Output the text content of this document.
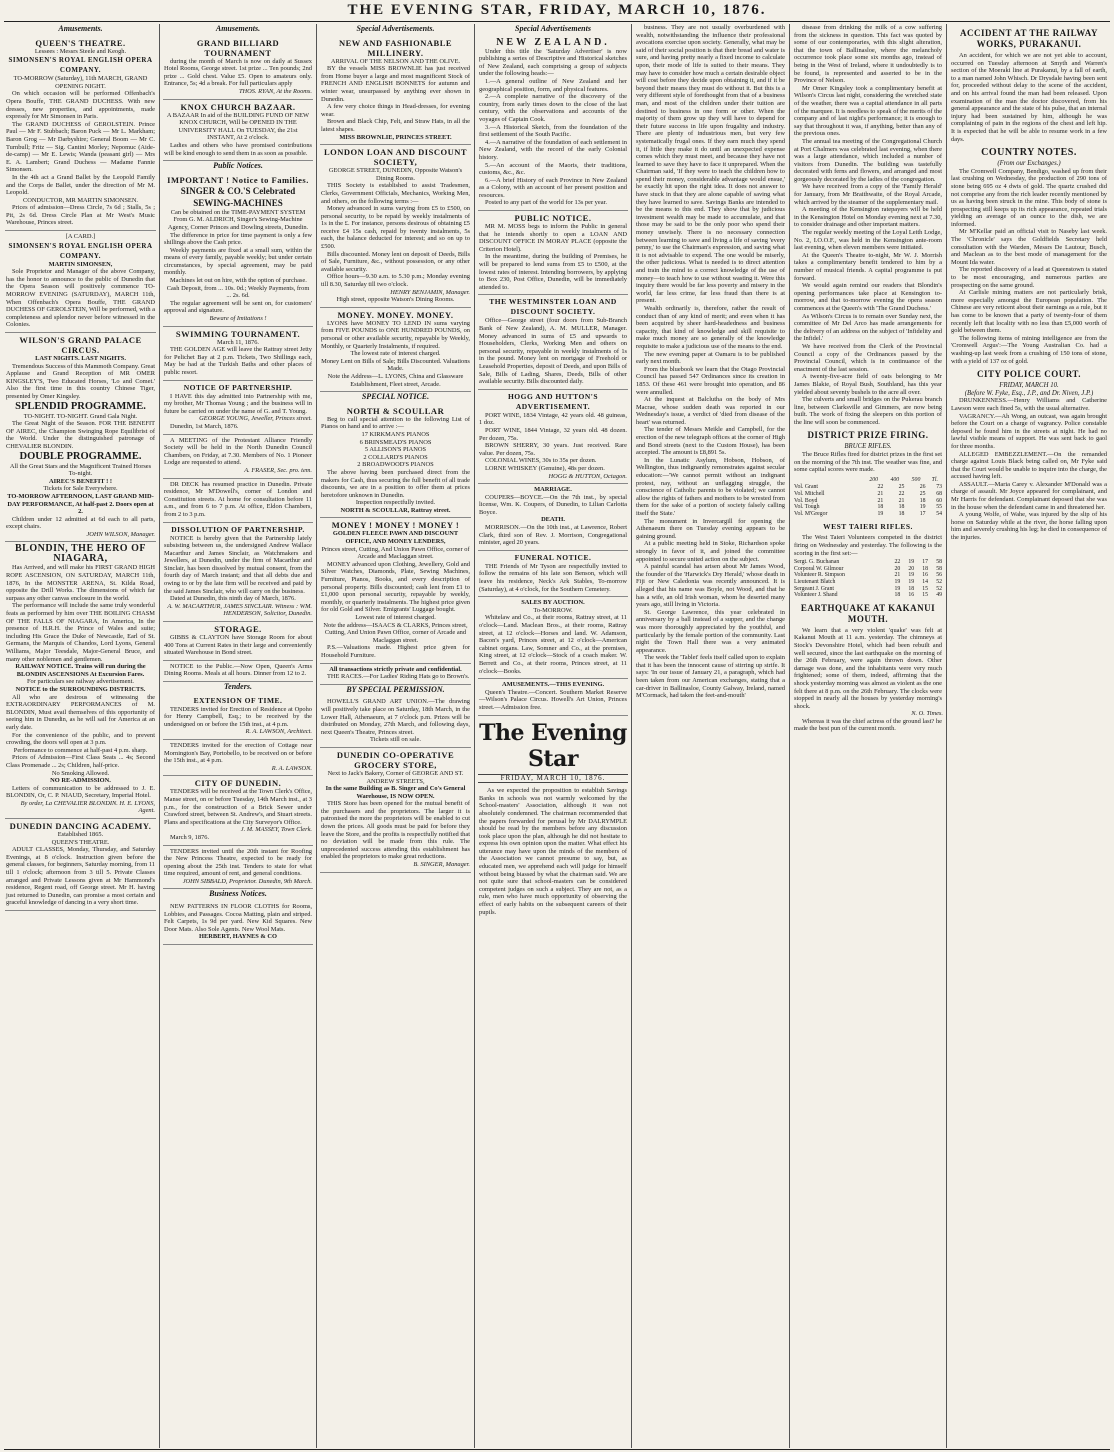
THE EVENING STAR, FRIDAY, MARCH 10, 1876.
Amusements.
QUEEN'S THEATRE.
Lessees : Messrs Steele and Keogh.
SIMONSEN'S ROYAL ENGLISH OPERA COMPANY.
TO-MORROW (Saturday), 11th MARCH, GRAND OPENING NIGHT.
On which occasion will be performed Offenbach's Opera Bouffe, THE GRAND DUCHESS. With new dresses, new properties, and appointments, made expressly for Mr Simonsen in Paris.
The GRAND DUCHESS of GEROLSTEIN. Prince Paul — Mr F. Stubbach; Baron Puck — Mr L. Markham; Baron Grog — Mr Darbyshire; General Boom — Mr C. Turnbull; Fritz — Sig. Cantini Morley; Nepomuc (Aide-de-camp) — Mr E. Lewis; Wanda (peasant girl) — Mrs E. A. Lambert; Grand Duchess — Madame Fannie Simonsen.
In the 4th act a Grand Ballet by the Leopold Family and the Corps de Ballet, under the direction of Mr M. Leopold.
CONDUCTOR, MR MARTIN SIMONSEN.
Prices of admission—Dress Circle, 7s 6d ; Stalls, 5s ; Pit, 2s 6d. Dress Circle Plan at Mr West's Music Warehouse, Princes street.
[A CARD.]
SIMONSEN'S ROYAL ENGLISH OPERA COMPANY.
MARTIN SIMONSEN,
Sole Proprietor and Manager of the above Company, has the honor to announce to the public of Dunedin that the Opera Season will positively commence TO-MORROW EVENING (SATURDAY), MARCH 11th, When Offenbach's Opera Bouffe, THE GRAND DUCHESS OF GEROLSTEIN, Will be performed, with a completeness and splendor never before witnessed in the Colonies.
WILSON'S GRAND PALACE CIRCUS.
LAST NIGHTS. LAST NIGHTS.
Tremendous Success of this Mammoth Company. Great Applause and Grand Reception of MR OMER KINGSLEY'S, Two Educated Horses, 'Lo and Comet.' Also the first time in this country Chinese Tiger, presented by Omer Kingsley.
SPLENDID PROGRAMME.
TO-NIGHT. TO-NIGHT. Grand Gala Night.
The Great Night of the Season. FOR THE BENEFIT OF AIREC, the Champion Swinging Rope Equilibrist of the World. Under the distinguished patronage of CHEVALIER BLONDIN.
DOUBLE PROGRAMME.
All the Great Stars and the Magnificent Trained Horses To-night.
AIREC'S BENEFIT ! !
Tickets for Sale Everywhere.
TO-MORROW AFTERNOON, LAST GRAND MID-DAY PERFORMANCE, At half-past 2. Doors open at 2.
Children under 12 admitted at 6d each to all parts, except chairs.
JOHN WILSON, Manager.
BLONDIN, THE HERO OF NIAGARA,
Has Arrived, and will make his FIRST GRAND HIGH ROPE ASCENSION, ON SATURDAY, MARCH 11th, 1876, In the MONSTER ARENA, St. Kilda Road, opposite the Drill Works. The dimensions of which far surpass any other canvas enclosure in the world.
The performance will include the same truly wonderful feats as performed by him over THE BOILING CHASM OF THE FALLS OF NIAGARA, In America, In the presence of H.R.H. the Prince of Wales and suite; including His Grace the Duke of Newcastle, Earl of St. Germans, the Marquis of Chandos, Lord Lyons, General Williams, Major Teesdale, Major-General Bruce, and many other noblemen and gentlemen.
RAILWAY NOTICE. Trains will run during the BLONDIN ASCENSIONS At Excursion Fares.
For particulars see railway advertisement.
NOTICE to the SURROUNDING DISTRICTS.
All who are desirous of witnessing the EXTRAORDINARY PERFORMANCES of M. BLONDIN, Must avail themselves of this opportunity of seeing him in Dunedin, as he will sail for America at an early date.
For the convenience of the public, and to prevent crowding, the doors will open at 3 p.m.
Performance to commence at half-past 4 p.m. sharp.
Prices of Admission—First Class Seats ... 4s; Second Class Promenade ... 2s; Children, half-price.
No Smoking Allowed.
NO RE-ADMISSION.
Letters of communication to be addressed to J. E. BLONDIN, Or, C. P. NIAUD, Secretary, Imperial Hotel.
By order, La CHEVALIER BLONDIN. H. E. LYONS, Agent.
DUNEDIN DANCING ACADEMY.
Established 1865.
QUEEN'S THEATRE.
ADULT CLASSES, Monday, Thursday, and Saturday Evenings, at 8 o'clock. Instruction given before the general classes, for beginners, Saturday morning, from 11 till 1 o'clock; afternoon from 3 till 5. Private Classes arranged and Private Lessons given at Mr Hammond's residence, Regent road, off George street. Mr H. having just returned to Dunedin, can promise a most certain and graceful knowledge of dancing in a very short time.
Amusements.
GRAND BILLIARD TOURNAMENT
during the month of March is now on daily at Sussex Hotel Rooms, George street. 1st prize ... Ten pounds; 2nd prize ... Gold chest. Value £5. Open to amateurs only. Entrance, 5s; 4d a break. For full particulars apply
THOS. RYAN, At the Rooms.
KNOX CHURCH BAZAAR.
A BAZAAR In aid of the BUILDING FUND OF NEW KNOX CHURCH, Will be OPENED IN THE UNIVERSITY HALL On TUESDAY, the 21st INSTANT, At 2 o'clock.
Ladies and others who have promised contributions will be kind enough to send them in as soon as possible.
Public Notices.
IMPORTANT ! Notice to Families.
SINGER & CO.'S Celebrated SEWING-MACHINES
Can be obtained on the TIME-PAYMENT SYSTEM From G. M. ALDRICH, Singer's Sewing-Machine Agency, Corner Princes and Dowling streets, Dunedin.
The difference in price for time payment is only a few shillings above the Cash price.
Weekly payments are fixed at a small sum, within the means of every family, payable weekly; but under certain circumstances, by special agreement, may be paid monthly.
Machines let out on hire, with the option of purchase.
Cash Deposit, from ... 10s. 0d.; Weekly Payments, from ... 2s. 6d.
The regular agreement will be sent on, for customers' approval and signature.
Beware of Imitations !
SWIMMING TOURNAMENT.
March 11, 1876.
THE GOLDEN AGE will leave the Rattray street Jetty for Pelichet Bay at 2 p.m. Tickets, Two Shillings each, May be had at the Turkish Baths and other places of public resort.
NOTICE OF PARTNERSHIP.
I HAVE this day admitted into Partnership with me, my brother, Mr Thomas Young ; and the business will in future be carried on under the name of G. and T. Young.
GEORGE YOUNG, Jeweller, Princes street.
Dunedin, 1st March, 1876.
A MEETING of the Protestant Alliance Friendly Society will be held in the North Dunedin Council Chambers, on Friday, at 7.30. Members of No. 1 Pioneer Lodge are requested to attend.
A. FRASER, Sec. pro. tem.
DR DECK has resumed practice in Dunedin. Private residence, Mr M'Dowell's, corner of London and Constitution streets. At home for consultation before 11 a.m., and from 6 to 7 p.m. At office, Eldon Chambers, from 2 to 3 p.m.
DISSOLUTION OF PARTNERSHIP.
NOTICE is hereby given that the Partnership lately subsisting between us, the undersigned Andrew Wallace Macarthur and James Sinclair, as Watchmakers and Jewellers, at Dunedin, under the firm of Macarthur and Sinclair, has been dissolved by mutual consent, from the fourth day of March instant; and that all debts due and owing to or by the late firm will be received and paid by the said James Sinclair, who will carry on the business.
Dated at Dunedin, this ninth day of March, 1876.
A. W. MACARTHUR, JAMES SINCLAIR. Witness : WM. HENDERSON, Solicitor, Dunedin.
STORAGE.
GIBBS & CLAYTON have Storage Room for about 400 Tons at Current Rates in their large and conveniently situated Warehouse in Bond street.
NOTICE to the Public.—Now Open, Queen's Arms Dining Rooms. Meals at all hours. Dinner from 12 to 2.
Tenders.
EXTENSION OF TIME.
TENDERS invited for Erection of Residence at Opoho for Henry Campbell, Esq.; to be received by the undersigned on or before the 15th inst., at 4 p.m.
R. A. LAWSON, Architect.
TENDERS invited for the erection of Cottage near Mornington's Bay, Portobello, to be received on or before the 15th inst., at 4 p.m.
R. A. LAWSON.
CITY OF DUNEDIN.
TENDERS will be received at the Town Clerk's Office, Manse street, on or before Tuesday, 14th March inst., at 3 p.m., for the construction of a Brick Sewer under Crawford street, between St. Andrew's, and Stuart streets. Plans and specifications at the City Surveyor's Office.
J. M. MASSEY, Town Clerk.
March 9, 1876.
TENDERS invited until the 20th instant for Roofing the New Princess Theatre, expected to be ready for opening about the 25th inst. Tenders to state for what time required, amount of rent, and general conditions.
JOHN SIBBALD, Proprietor. Dunedin, 9th March.
Business Notices.
NEW PATTERNS IN FLOOR CLOTHS for Rooms, Lobbies, and Passages. Cocoa Matting, plain and striped. Felt Carpets, 1s 9d per yard. New Kid Squares. New Door Mats. Also Sole Agents. New Wool Mats.
HERBERT, HAYNES & CO
Special Advertisements.
NEW AND FASHIONABLE MILLINERY.
ARRIVAL OF THE NELSON AND THE OLIVE.
BY the vessels MISS BROWNLIE has just received from Home buyer a large and most magnificent Stock of FRENCH AND ENGLISH BONNETS for autumn and winter wear, unsurpassed by anything ever shown in Dunedin.
A few very choice things in Head-dresses, for evening wear.
Brown and Black Chip, Felt, and Straw Hats, in all the latest shapes.
MISS BROWNLIE, PRINCES STREET.
LONDON LOAN AND DISCOUNT SOCIETY,
GEORGE STREET, DUNEDIN, Opposite Watson's Dining Rooms.
THIS Society is established to assist Tradesmen, Clerks, Government Officials, Mechanics, Working Men, and others, on the following terms :—
Money advanced in sums varying from £5 to £500, on personal security, to be repaid by weekly instalments of 1s in the £. For instance, persons desirous of obtaining £5 receive £4 15s cash, repaid by twenty instalments, 5s each, the balance deducted for interest; and so on up to £500.
Bills discounted. Money lent on deposit of Deeds, Bills of Sale, Furniture, &c., without possession, or any other available security.
Office hours—9.30 a.m. to 5.30 p.m.; Monday evening till 8.30, Saturday till two o'clock.
HENRY BENJAMIN, Manager.
High street, opposite Watson's Dining Rooms.
MONEY. MONEY. MONEY.
LYONS have MONEY TO LEND IN sums varying from FIVE POUNDS to ONE HUNDRED POUNDS, on personal or other available security, repayable by Weekly, Monthly, or Quarterly Instalments, if required.
The lowest rate of interest charged.
Money Lent on Bills of Sale; Bills Discounted. Valuations Made.
Note the Address—L. LYONS, China and Glassware Establishment, Fleet street, Arcade.
SPECIAL NOTICE.
NORTH & SCOULLAR
Beg to call special attention to the following List of Pianos on hand and to arrive :—
17 KIRKMAN'S PIANOS
6 BRINSMEAD'S PIANOS
5 ALLISON'S PIANOS
2 COLLARD'S PIANOS
2 BROADWOOD'S PIANOS
The above having been purchased direct from the makers for Cash, thus securing the full benefit of all trade discounts, we are in a position to offer them at prices heretofore unknown in Dunedin.
Inspection respectfully invited.
NORTH & SCOULLAR, Rattray street.
MONEY ! MONEY ! MONEY !
GOLDEN FLEECE PAWN AND DISCOUNT OFFICE, AND MONEY LENDERS,
Princes street, Cutting, And Union Pawn Office, corner of Arcade and Maclaggan street.
MONEY advanced upon Clothing, Jewellery, Gold and Silver Watches, Diamonds, Plate, Sewing Machines, Furniture, Pianos, Books, and every description of personal property. Bills discounted; cash lent from £1 to £1,000 upon personal security, repayable by weekly, monthly, or quarterly instalments. The highest price given for old Gold and Silver. Emigrants' Luggage bought.
Lowest rate of interest charged.
Note the address—ISAACS & CLARKS, Princes street, Cutting, And Union Pawn Office, corner of Arcade and Maclaggan street.
P.S.—Valuations made. Highest price given for Household Furniture.
All transactions strictly private and confidential.
THE RACES.—For Ladies' Riding Hats go to Brown's.
BY SPECIAL PERMISSION.
HOWELL'S GRAND ART UNION.—The drawing will positively take place on Saturday, 18th March, in the Lower Hall, Athenaeum, at 7 o'clock p.m. Prizes will be distributed on Monday, 27th March, and following days, next Queen's Theatre, Princes street.
Tickets still on sale.
DUNEDIN CO-OPERATIVE GROCERY STORE,
Next to Jack's Bakery, Corner of GEORGE AND ST. ANDREW STREETS,
In the same Building as B. Singer and Co's General Warehouse, IS NOW OPEN.
THIS Store has been opened for the mutual benefit of the purchasers and the proprietors. The larger it is patronised the more the proprietors will be enabled to cut down the prices. All goods must be paid for before they leave the Store, and the profits is respectfully notified that no deviation will be made from this rule. The unprecedented success attending this establishment has enabled the proprietors to make great reductions.
B. SINGER, Manager.
Special Advertisements
NEW ZEALAND.
Under this title the 'Saturday Advertiser' is now publishing a series of Descriptive and Historical sketches of New Zealand, each comprising a group of subjects under the following heads:—
1.—A general outline of New Zealand and her geographical position, form, and physical features.
2.—A complete narrative of the discovery of the country, from early times down to the close of the last century, with the observations and accounts of the voyages of Captain Cook.
3.—A Historical Sketch, from the foundation of the first settlement of the South Pacific.
4.—A narrative of the foundation of each settlement in New Zealand, with the record of the early Colonial history.
5.—An account of the Maoris, their traditions, customs, &c., &c.
6.—A brief History of each Province in New Zealand as a Colony, with an account of her present position and resources.
Posted to any part of the world for 13s per year.
PUBLIC NOTICE.
MR M. MOSS begs to inform the Public in general that he intends shortly to open a LOAN AND DISCOUNT OFFICE IN MORAY PLACE (opposite the Criterion Hotel).
In the meantime, during the building of Premises, he will be prepared to lend sums from £5 to £500, at the lowest rates of interest. Intending borrowers, by applying to Box 230, Post Office, Dunedin, will be immediately attended to.
THE WESTMINSTER LOAN AND DISCOUNT SOCIETY.
Office—George street (four doors from Sub-Branch Bank of New Zealand), A. M. MULLER, Manager. Money advanced in sums of £5 and upwards to Householders, Clerks, Working Men and others on personal security, repayable in weekly instalments of 1s in the pound. Money lent on mortgage of Freehold or Leasehold Properties, deposit of Deeds, and upon Bills of Sale, Bills of Lading, Shares, Deeds, Bills of other available security. Bills discounted daily.
HOGG AND HUTTON'S ADVERTISEMENT.
PORT WINE, 1834 Vintage, 42 years old. 48 guineas, 1 doz.
PORT WINE, 1844 Vintage, 32 years old. 48 dozen. Per dozen, 75s.
BROWN SHERRY, 30 years. Just received. Rare value. Per dozen, 75s.
COLONIAL WINES, 30s to 35s per dozen.
LORNE WHISKEY (Genuine), 48s per dozen.
HOGG & HUTTON, Octagon.
MARRIAGE.
COUPERS—BOYCE.—On the 7th inst., by special license, Wm. K. Coupers, of Dunedin, to Lilian Carlotta Boyce.
DEATH.
MORRISON.—On the 10th inst., at Lawrence, Robert Clark, third son of Rev. J. Morrison, Congregational minister, aged 20 years.
FUNERAL NOTICE.
THE Friends of Mr Tyson are respectfully invited to follow the remains of his late son Benson, which will leave his residence, Neck's Ark Stables, To-morrow (Saturday), at 4 o'clock, for the Southern Cemetery.
SALES BY AUCTION.
To-MORROW.
Whitelaw and Co., at their rooms, Rattray street, at 11 o'clock—Land. Maclean Bros., at their rooms, Rattray street, at 12 o'clock—Horses and land. W. Adamson, Bacon's yard, Princes street, at 12 o'clock—American cabinet organs. Law, Somner and Co., at the premises, King street, at 12 o'clock—Stock of a coach maker. W. Berrett and Co., at their rooms, Princes street, at 11 o'clock—Books.
AMUSEMENTS.—THIS EVENING.
Queen's Theatre.—Concert. Southern Market Reserve—Wilson's Palace Circus. Howell's Art Union, Princes street.—Admission free.
The Evening Star
FRIDAY, MARCH 10, 1876.
As we expected the proposition to establish Savings Banks in schools was not warmly welcomed by the School-masters' Association, although it was not absolutely condemned. The chairman recommended that the papers forwarded for perusal by Mr DALRYMPLE should be read by the members before any discussion took place upon the plan, although he did not hesitate to express his own opinion upon the matter. What effect his utterance may have upon the minds of the members of the Association we cannot presume to say, but, as educated men, we apprehend each will judge for himself without being biassed by what the chairman said. We are not quite sure that school-masters can be considered competent judges on such a subject. They are not, as a rule, men who have much opportunity of observing the effect of early habits on the subsequent careers of their pupils.
business. They are not usually overburdened with wealth, notwithstanding the influence their professional avocations exercise upon society. Generally, what may be said of their social position is that their bread and water is sure, and having pretty nearly a fixed income to calculate upon, their mode of life is suited to their means. They may have to consider how much a certain desirable object will cost before they decide upon obtaining it, and if it be beyond their means they must do without it. But this is a very different style of forethought from that of a business man, and most of the children under their tuition are destined to business in one form or other. When the majority of them grow up they will have to depend for their future success in life upon frugality and industry. There are plenty of industrious men, but very few systematically frugal ones. If they earn much they spend it, if little they make it do until an unexpected expense comes which they must meet, and because they have not learned to save they have to face it unprepared. When the Chairman said, 'If they were to teach the children how to spend their money, considerable advantage would ensue,' he exactly hit upon the right idea. It does not answer to have stuck in that they are alone capable of saving what they have learned to save. Savings Banks are intended to be the means to this end. They show that by judicious investment wealth may be made to accumulate, and that those may be said to be the only poor who spend their money unwisely. There is no necessary connection between learning to save and living a life of saving 'every penny,' to use the Chairman's expression, and saving what it is not advisable to expend. The one would be miserly, the other judicious. What is needed is to direct attention and train the mind to a correct knowledge of the use of money—to teach how to use without wasting it. Were this inquiry there would be far less poverty and misery in the world, far less crime, far less fraud than there is at present.
Wealth ordinarily is, therefore, rather the result of conduct than of any kind of merit; and even when it has been acquired by sheer hard-headedness and business capacity, that kind of knowledge and skill requisite to make much money are so generally of the knowledge requisite to make a judicious use of the means to the end.
The new evening paper at Oamaru is to be published early next month.
From the bluebook we learn that the Otago Provincial Council has passed 547 Ordinances since its creation in 1853. Of these 461 were brought into operation, and 86 were annulled.
At the inquest at Balclutha on the body of Mrs Macrae, whose sudden death was reported in our Wednesday's issue, a verdict of 'died from disease of the heart' was returned.
The tender of Messrs Meikle and Campbell, for the erection of the new telegraph offices at the corner of High and Bond streets (next to the Custom House), has been accepted. The amount is £8,891 5s.
In the Lunatic Asylum, Hobson, Hobson, of Wellington, thus indignantly remonstrates against secular education:—'We cannot permit without an indignant protest, nay, without an unflagging struggle, the conscience of Catholic parents to be violated; we cannot allow the rights of fathers and mothers to be wrested from them for the sake of a portion of society falsely calling itself the State.'
The monument in Invercargill for opening the Athenaeum there on Tuesday evening appears to be gaining ground.
At a public meeting held in Stoke, Richardson spoke strongly in favor of it, and joined the committee appointed to secure united action on the subject.
A painful scandal has arisen about Mr James Wood, the founder of the 'Harwick's Dry Herald,' whose death in Fiji or New Caledonia was recently announced. It is alleged that his name was Boyle, not Wood, and that he has a wife, an old Irish woman, whom he deserted many years ago, still living in Victoria.
St. George Lawrence, this year celebrated in anniversary by a ball instead of a supper, and the change was more thoroughly appreciated by the youthful, and particularly by the female portion of the community. Last night the Town Hall there was a very animated appearance.
The week the 'Tablet' feels itself called upon to explain that it has been the innocent cause of stirring up strife. It says: 'In our issue of January 21, a paragraph, which had been taken from our American exchanges, stating that a car-driver in Ballinasloe, County Galway, Ireland, named M'Cormack, had taken the feet-and-mouth'
disease from drinking the milk of a cow suffering from the sickness in question. This fact was quoted by some of our contemporaries, with this slight alteration, that the town of Ballinasloe, where the melancholy occurrence took place some six months ago, instead of being in the West of Ireland, where it undoubtedly is to be found, is represented and asserted to be in the Province of Nelson.
Mr Omer Kingsley took a complimentary benefit at Wilson's Circus last night, considering the wretched state of the weather, there was a capital attendance in all parts of the marquee. It is needless to speak of the merits of the company and of last night's performance; it is enough to say that throughout it was, if anything, better than any of the previous ones.
The annual tea meeting of the Congregational Church at Port Chalmers was celebrated last evening, when there was a large attendance, which included a number of visitors from Dunedin. The building was tastefully decorated with ferns and flowers, and arranged and most gorgeously decorated by the ladies of the congregation.
We have received from a copy of the 'Family Herald' for January, from Mr Braithwaite, of the Royal Arcade, which arrived by the steamer of the supplementary mail.
A meeting of the Kensington ratepayers will be held in the Kensington Hotel on Monday evening next at 7.30, to consider drainage and other important matters.
The regular weekly meeting of the Loyal Leith Lodge, No. 2, I.O.O.F., was held in the Kensington ante-room last evening, when eleven members were initiated.
At the Queen's Theatre to-night, Mr W. J. Morrish takes a complimentary benefit tendered to him by a number of musical friends. A capital programme is put forward.
We would again remind our readers that Blondin's opening performances take place at Kensington to-morrow, and that to-morrow evening the opera season commences at the Queen's with 'The Grand Duchess.'
As Wilson's Circus is to remain over Sunday next, the committee of Mr Del Arco has made arrangements for the delivery of an address on the subject of 'Infidelity and the Infidel.'
We have received from the Clerk of the Provincial Council a copy of the Ordinances passed by the Provincial Council, which is in continuance of the enactment of the last session.
A twenty-five-acre field of oats belonging to Mr James Blakie, of Royal Bush, Southland, has this year yielded about seventy bushels to the acre all over.
The culverts and small bridges on the Pukerau branch line, between Clarksville and Gimmers, are now being built. The work of fixing the sleepers on this portion of the line will soon be commenced.
DISTRICT PRIZE FIRING.
BRUCE RIFLES.
The Bruce Rifles fired for district prizes in the first set on the morning of the 7th inst. The weather was fine, and some capital scores were made.
	200	400	500	Tl.
Vol. Grant	22	25	26	73
Vol. Mitchell	21	22	25	68
Vol. Boyd	21	21	18	60
Vol. Tough	18	18	19	55
Vol. M'Gregor	19	18	17	54
WEST TAIERI RIFLES.
The West Taieri Volunteers competed in the district firing on Wednesday and yesterday. The following is the scoring in the first set:—
Sergt. G. Buchanan	22	19	17	58
Corporal W. Gilmour	20	20	18	58
Volunteer R. Simpson	21	19	16	56
Lieutenant Blatch	19	19	14	52
Sergeant J. Grant	19	18	15	52
Volunteer J. Shand	18	16	15	49
EARTHQUAKE AT KAKANUI MOUTH.
We learn that a very violent 'quake' was felt at Kakanui Mouth at 11 a.m. yesterday. The chimneys at Stock's Devonshire Hotel, which had been rebuilt and well secured, since the last earthquake on the morning of the 26th February, were again thrown down. Other damage was done, and the inhabitants were very much frightened; some of them, indeed, affirming that the shock yesterday morning was almost as violent as the one felt there at 8 p.m. on the 26th February. The clocks were stopped in nearly all the houses by yesterday morning's shock.
N. O. Times.
Whereas it was the chief actress of the ground last? he made the best pun of the current month.
ACCIDENT AT THE RAILWAY WORKS, PURAKANUI.
An accident, for which we are not yet able to account, occurred on Tuesday afternoon at Smyth and Warren's section of the Moeraki line at Purakanui, by a fall of earth, to a man named John Whisch. Dr Drysdale having been sent for, proceeded without delay to the scene of the accident, and on his arrival found the man had been released. Upon examination of the man the doctor discovered, from his general appearance and the state of his pulse, that an internal injury had been sustained by him, although he was complaining of pain in the regions of the chest and left hip. It is expected that he will be able to resume work in a few days.
COUNTRY NOTES.
(From our Exchanges.)
The Cromwell Company, Bendigo, washed up from their last crushing on Wednesday, the production of 290 tons of stone being 695 oz 4 dwts of gold. The quartz crushed did not comprise any from the rich leader recently mentioned by us as having been struck in the mine. This body of stone is prospecting still keeps up its rich appearance, repeated trials yielding an average of an ounce to the dish, we are informed.
Mr M'Kellar paid an official visit to Naseby last week. The 'Chronicle' says the Goldfields Secretary held consultation with the Warden, Messrs De Lautour, Busch, and Maclean as to the best mode of management for the Mount Ida water.
The reported discovery of a lead at Queenstown is stated to be most encouraging, and numerous parties are prospecting on the same ground.
At Carlisle mining matters are not particularly brisk, more especially amongst the European population. The Chinese are very reticent about their earnings as a rule, but it has come to be known that a party of twenty-four of them recently left that locality with no less than £5,000 worth of gold between them.
The following items of mining intelligence are from the 'Cromwell Argus':—The Young Australian Co. had a washing-up last week from a crushing of 150 tons of stone, with a yield of 137 oz of gold.
CITY POLICE COURT.
FRIDAY, MARCH 10.
(Before W. Fyke, Esq., J.P., and Dr. Niven, J.P.)
DRUNKENNESS.—Henry Williams and Catherine Lawson were each fined 5s, with the usual alternative.
VAGRANCY.—Ah Wong, an outcast, was again brought before the Court on a charge of vagrancy. Police constable deposed he found him in the streets at night. He had no lawful visible means of support. He was sent back to gaol for three months.
ALLEGED EMBEZZLEMENT.—On the remanded charge against Louis Black being called on, Mr Fyke said that the Court would be unable to inquire into the charge, the accused having left.
ASSAULT.—Maria Carey v. Alexander M'Donald was a charge of assault. Mr Joyce appeared for complainant, and Mr Harris for defendant. Complainant deposed that she was in the house when the defendant came in and threatened her.
A young Wolfe, of Wahe, was injured by the slip of his horse on Saturday while at the river, the horse falling upon him and severely crushing his leg; he died in consequence of the injuries.
